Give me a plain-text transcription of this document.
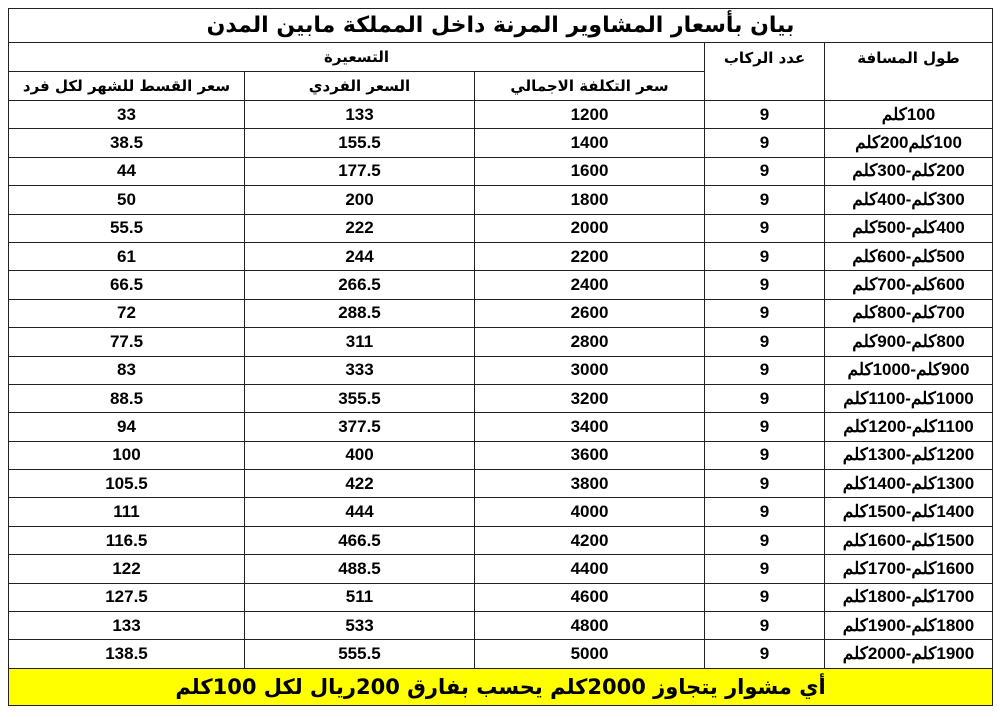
بيان بأسعار المشاوير المرنة داخل المملكة مابين المدن				
التسعيرة			عدد الركاب	طول المسافة
سعر القسط للشهر لكل فرد	السعر الفردي	سعر التكلفة الاجمالي		
33	133	1200	9	100كلم
38.5	155.5	1400	9	100كلم200كلم
44	177.5	1600	9	200كلم-300كلم
50	200	1800	9	300كلم-400كلم
55.5	222	2000	9	400كلم-500كلم
61	244	2200	9	500كلم-600كلم
66.5	266.5	2400	9	600كلم-700كلم
72	288.5	2600	9	700كلم-800كلم
77.5	311	2800	9	800كلم-900كلم
83	333	3000	9	900كلم-1000كلم
88.5	355.5	3200	9	1000كلم-1100كلم
94	377.5	3400	9	1100كلم-1200كلم
100	400	3600	9	1200كلم-1300كلم
105.5	422	3800	9	1300كلم-1400كلم
111	444	4000	9	1400كلم-1500كلم
116.5	466.5	4200	9	1500كلم-1600كلم
122	488.5	4400	9	1600كلم-1700كلم
127.5	511	4600	9	1700كلم-1800كلم
133	533	4800	9	1800كلم-1900كلم
138.5	555.5	5000	9	1900كلم-2000كلم
أي مشوار يتجاوز 2000كلم يحسب بفارق 200ريال لكل 100كلم				
